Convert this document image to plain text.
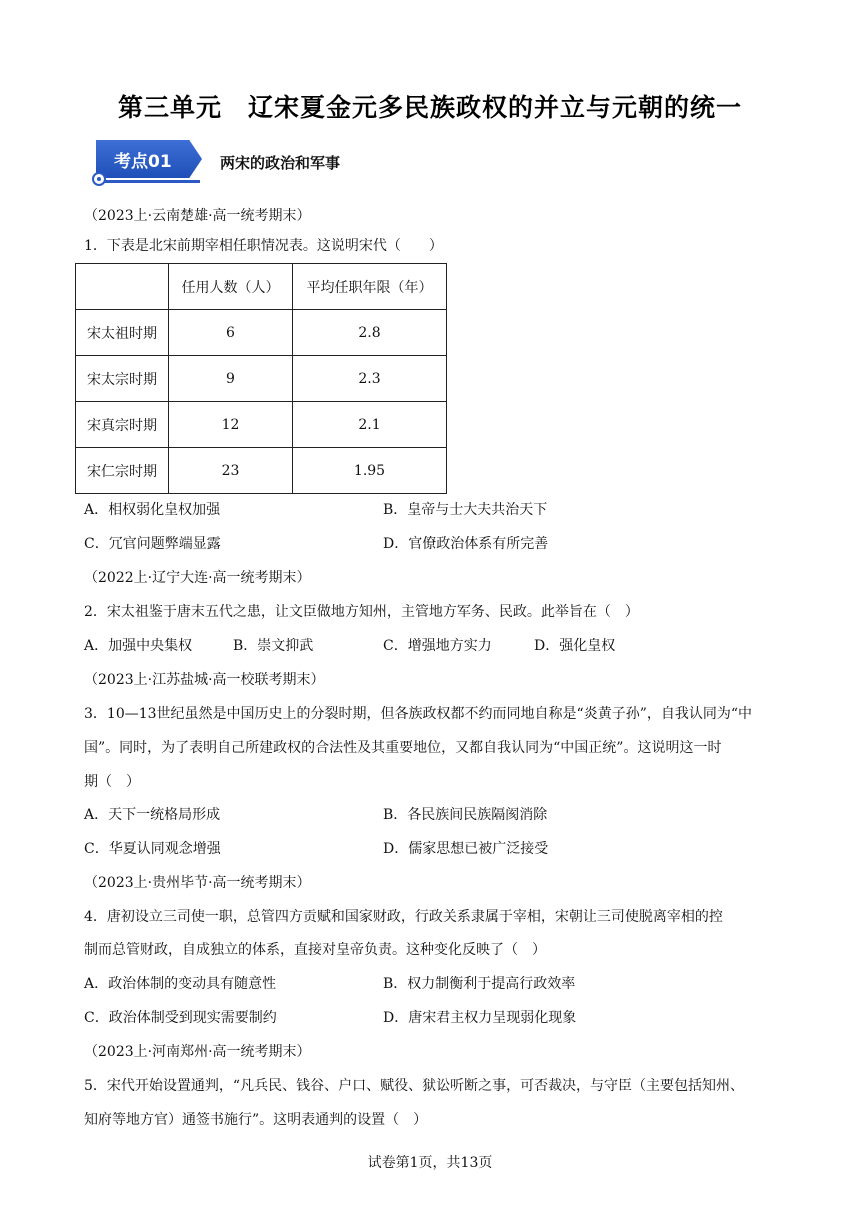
第三单元　辽宋夏金元多民族政权的并立与元朝的统一
考点01	两宋的政治和军事
（2023上·云南楚雄·高一统考期末）
1．下表是北宋前期宰相任职情况表。这说明宋代（　　）
	任用人数（人）	平均任职年限（年）
宋太祖时期	6	2.8
宋太宗时期	9	2.3
宋真宗时期	12	2.1
宋仁宗时期	23	1.95
A．相权弱化皇权加强	B．皇帝与士大夫共治天下
C．冗官问题弊端显露	D．官僚政治体系有所完善
（2022上·辽宁大连·高一统考期末）
2．宋太祖鉴于唐末五代之患，让文臣做地方知州，主管地方军务、民政。此举旨在（　）
A．加强中央集权	B．崇文抑武	C．增强地方实力	D．强化皇权
（2023上·江苏盐城·高一校联考期末）
3．10—13世纪虽然是中国历史上的分裂时期，但各族政权都不约而同地自称是“炎黄子孙”，自我认同为“中
国”。同时，为了表明自己所建政权的合法性及其重要地位，又都自我认同为“中国正统”。这说明这一时
期（　）
A．天下一统格局形成	B．各民族间民族隔阂消除
C．华夏认同观念增强	D．儒家思想已被广泛接受
（2023上·贵州毕节·高一统考期末）
4．唐初设立三司使一职，总管四方贡赋和国家财政，行政关系隶属于宰相，宋朝让三司使脱离宰相的控
制而总管财政，自成独立的体系，直接对皇帝负责。这种变化反映了（　）
A．政治体制的变动具有随意性	B．权力制衡利于提高行政效率
C．政治体制受到现实需要制约	D．唐宋君主权力呈现弱化现象
（2023上·河南郑州·高一统考期末）
5．宋代开始设置通判，“凡兵民、钱谷、户口、赋役、狱讼听断之事，可否裁决，与守臣（主要包括知州、
知府等地方官）通签书施行”。这明表通判的设置（　）
试卷第1页，共13页
